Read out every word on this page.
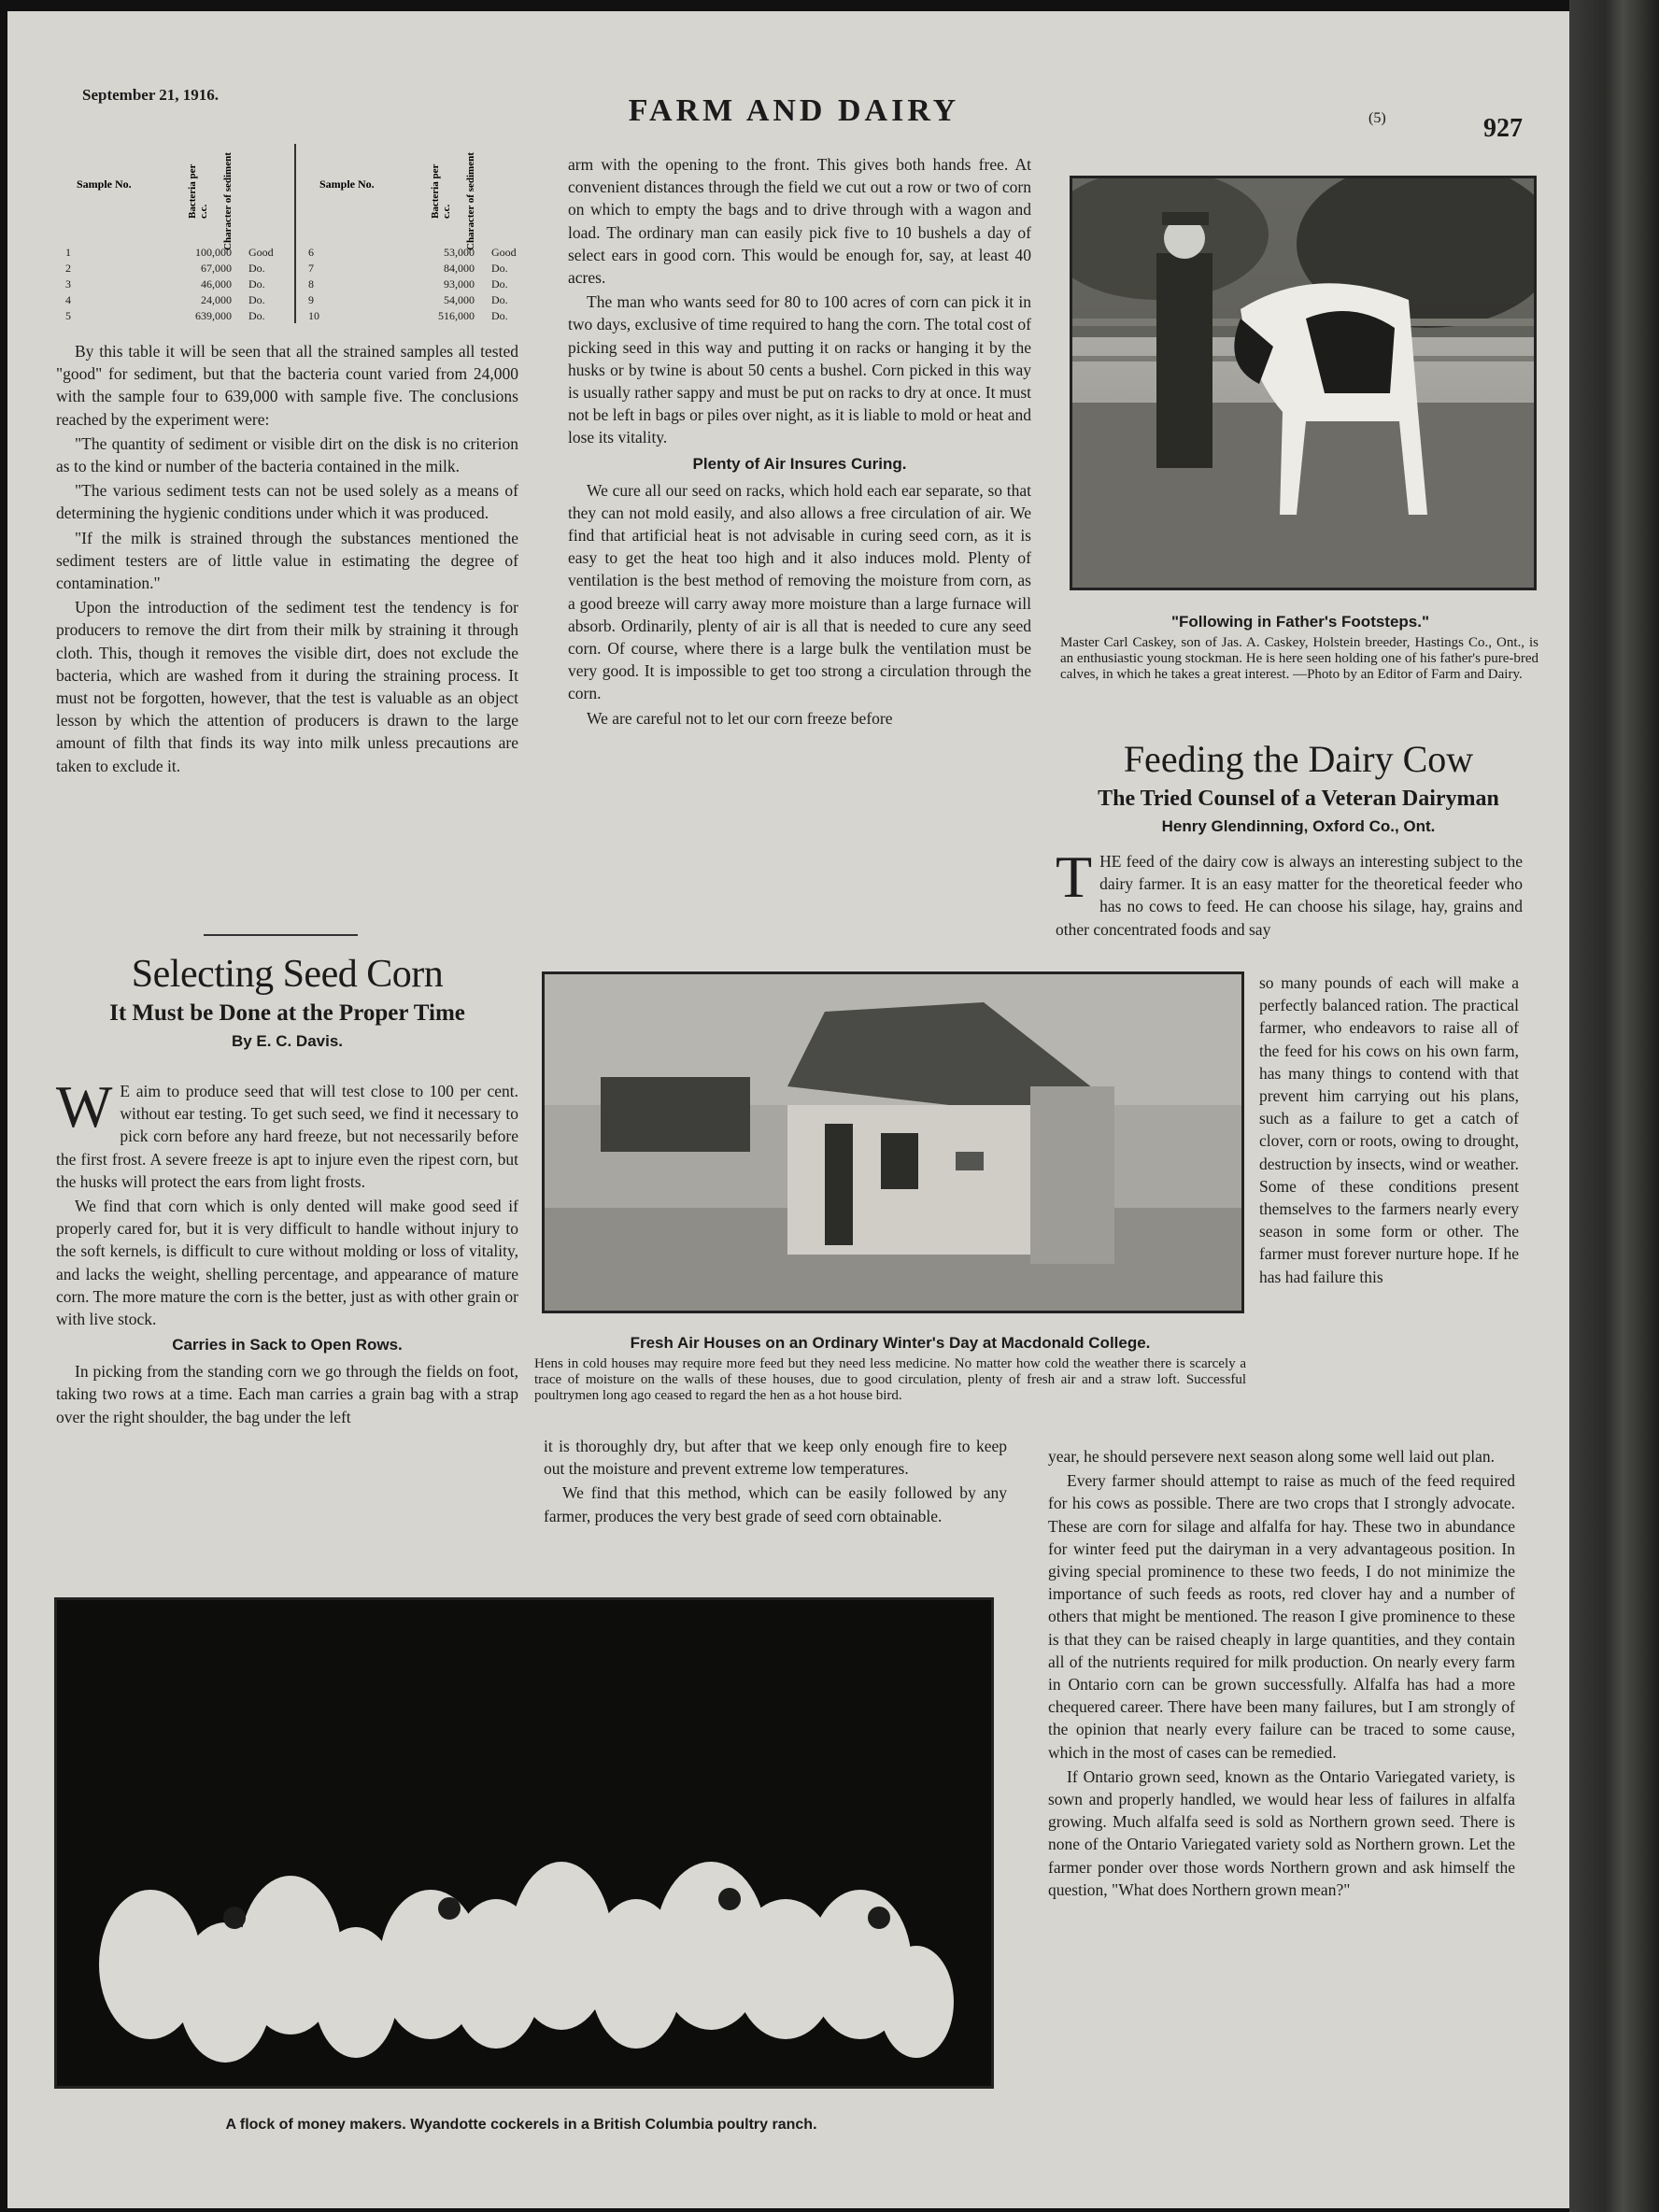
September 21, 1916.	FARM AND DAIRY	(5)	927
Sample No.	Bacteria per c.c. Character of sediment	Sample No.	Bacteria per c.c. Character of sediment
1	100,000	Good
2	67,000	Do.
3	46,000	Do.
4	24,000	Do.
5	639,000	Do.
6	53,000	Good
7	84,000	Do.
8	93,000	Do.
9	54,000	Do.
10	516,000	Do.

By this table it will be seen that all the strained samples all tested "good" for sediment, but that the bacteria count varied from 24,000 with the sample four to 639,000 with sample five. The conclusions reached by the experiment were:

"The quantity of sediment or visible dirt on the disk is no criterion as to the kind or number of the bacteria contained in the milk.

"The various sediment tests can not be used solely as a means of determining the hygienic conditions under which it was produced.

"If the milk is strained through the substances mentioned the sediment testers are of little value in estimating the degree of contamination."

Upon the introduction of the sediment test the tendency is for producers to remove the dirt from their milk by straining it through cloth. This, though it removes the visible dirt, does not exclude the bacteria, which are washed from it during the straining process. It must not be forgotten, however, that the test is valuable as an object lesson by which the attention of producers is drawn to the large amount of filth that finds its way into milk unless precautions are taken to exclude it.

Selecting Seed Corn
It Must be Done at the Proper Time
By E. C. Davis.

W E aim to produce seed that will test close to 100 per cent. without ear testing. To get such seed, we find it necessary to pick corn before any hard freeze, but not necessarily before the first frost. A severe freeze is apt to injure even the ripest corn, but the husks will protect the ears from light frosts.

We find that corn which is only dented will make good seed if properly cared for, but it is very difficult to handle without injury to the soft kernels, is difficult to cure without molding or loss of vitality, and lacks the weight, shelling percentage, and appearance of mature corn. The more mature the corn is the better, just as with other grain or with live stock.

Carries in Sack to Open Rows.

In picking from the standing corn we go through the fields on foot, taking two rows at a time. Each man carries a grain bag with a strap over the right shoulder, the bag under the left

arm with the opening to the front. This gives both hands free. At convenient distances through the field we cut out a row or two of corn on which to empty the bags and to drive through with a wagon and load. The ordinary man can easily pick five to 10 bushels a day of select ears in good corn. This would be enough for, say, at least 40 acres.

The man who wants seed for 80 to 100 acres of corn can pick it in two days, exclusive of time required to hang the corn. The total cost of picking seed in this way and putting it on racks or hanging it by the husks or by twine is about 50 cents a bushel. Corn picked in this way is usually rather sappy and must be put on racks to dry at once. It must not be left in bags or piles over night, as it is liable to mold or heat and lose its vitality.

Plenty of Air Insures Curing.

We cure all our seed on racks, which hold each ear separate, so that they can not mold easily, and also allows a free circulation of air. We find that artificial heat is not advisable in curing seed corn, as it is easy to get the heat too high and it also induces mold. Plenty of ventilation is the best method of removing the moisture from corn, as a good breeze will carry away more moisture than a large furnace will absorb. Ordinarily, plenty of air is all that is needed to cure any seed corn. Of course, where there is a large bulk the ventilation must be very good. It is impossible to get too strong a circulation through the corn.

We are careful not to let our corn freeze before

"Following in Father's Footsteps."
Master Carl Caskey, son of Jas. A. Caskey, Holstein breeder, Hastings Co., Ont., is an enthusiastic young stockman. He is here seen holding one of his father's pure-bred calves, in which he takes a great interest. —Photo by an Editor of Farm and Dairy.
Feeding the Dairy Cow
The Tried Counsel of a Veteran Dairyman
Henry Glendinning, Oxford Co., Ont.

THE feed of the dairy cow is always an interesting subject to the dairy farmer. It is an easy matter for the theoretical feeder who has no cows to feed. He can choose his silage, hay, grains and other concentrated foods and say

so many pounds of each will make a perfectly balanced ration. The practical farmer, who endeavors to raise all of the feed for his cows on his own farm, has many things to contend with that prevent him carrying out his plans, such as a failure to get a catch of clover, corn or roots, owing to drought, destruction by insects, wind or weather. Some of these conditions present themselves to the farmers nearly every season in some form or other. The farmer must forever nurture hope. If he has had failure this

year, he should persevere next season along some well laid out plan.

Every farmer should attempt to raise as much of the feed required for his cows as possible. There are two crops that I strongly advocate. These are corn for silage and alfalfa for hay. These two in abundance for winter feed put the dairyman in a very advantageous position. In giving special prominence to these two feeds, I do not minimize the importance of such feeds as roots, red clover hay and a number of others that might be mentioned. The reason I give prominence to these is that they can be raised cheaply in large quantities, and they contain all of the nutrients required for milk production. On nearly every farm in Ontario corn can be grown successfully. Alfalfa has had a more chequered career. There have been many failures, but I am strongly of the opinion that nearly every failure can be traced to some cause, which in the most of cases can be remedied.

If Ontario grown seed, known as the Ontario Variegated variety, is sown and properly handled, we would hear less of failures in alfalfa growing. Much alfalfa seed is sold as Northern grown seed. There is none of the Ontario Variegated variety sold as Northern grown. Let the farmer ponder over those words Northern grown and ask himself the question, "What does Northern grown mean?"

Fresh Air Houses on an Ordinary Winter's Day at Macdonald College.
Hens in cold houses may require more feed but they need less medicine. No matter how cold the weather there is scarcely a trace of moisture on the walls of these houses, due to good circulation, plenty of fresh air and a straw loft. Successful poultrymen long ago ceased to regard the hen as a hot house bird.

it is thoroughly dry, but after that we keep only enough fire to keep out the moisture and prevent extreme low temperatures.

We find that this method, which can be easily followed by any farmer, produces the very best grade of seed corn obtainable.

A flock of money makers. Wyandotte cockerels in a British Columbia poultry ranch.
